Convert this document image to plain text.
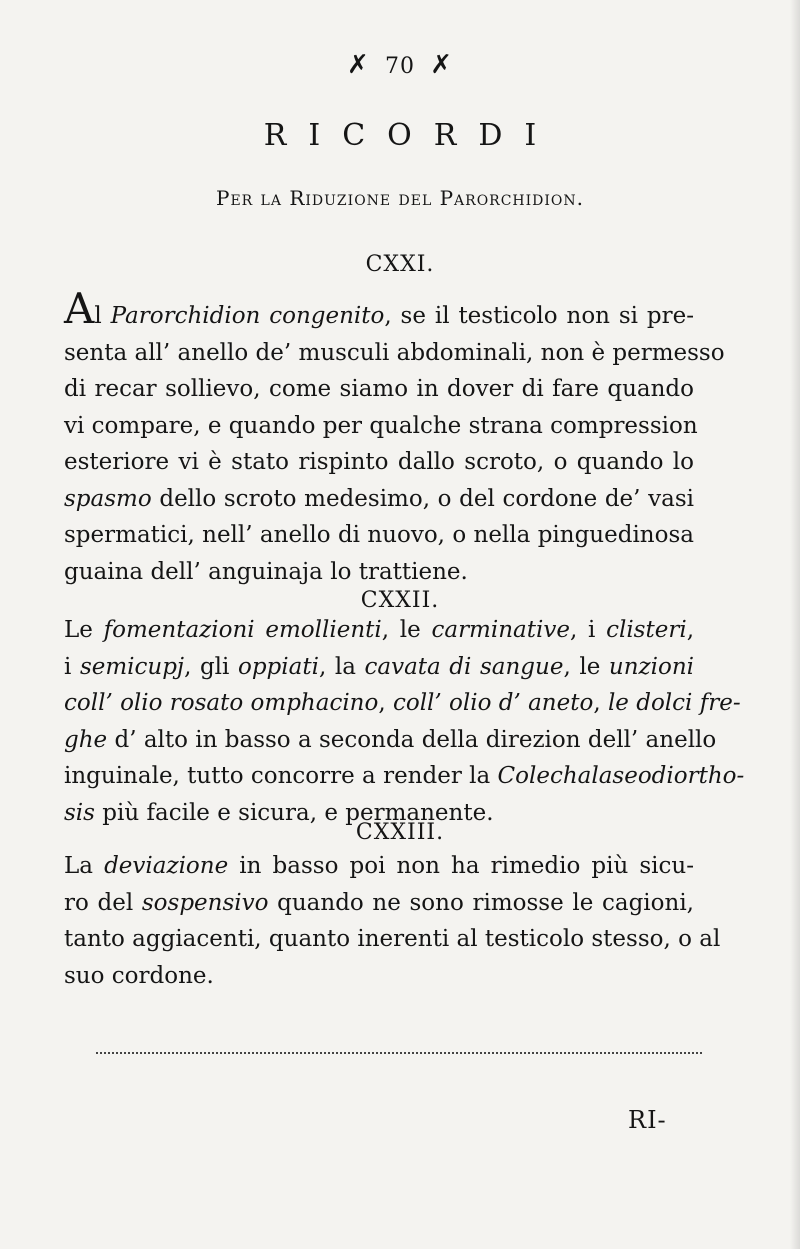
✗ 70 ✗
RICORDI
Per la Riduzione del Parorchidion.
CXXI.
Al Parorchidion congenito, se il testicolo non si pre-
senta all’ anello de’ musculi abdominali, non è permesso
di recar sollievo, come siamo in dover di fare quando
vi compare, e quando per qualche strana compression
esteriore vi è stato rispinto dallo scroto, o quando lo
spasmo dello scroto medesimo, o del cordone de’ vasi
spermatici, nell’ anello di nuovo, o nella pinguedinosa
guaina dell’ anguinaja lo trattiene.
CXXII.
Le fomentazioni emollienti, le carminative, i clisteri,
i semicupj, gli oppiati, la cavata di sangue, le unzioni
coll’ olio rosato omphacino, coll’ olio d’ aneto, le dolci fre-
ghe d’ alto in basso a seconda della direzion dell’ anello
inguinale, tutto concorre a render la Colechalaseodiortho-
sis più facile e sicura, e permanente.
CXXIII.
La deviazione in basso poi non ha rimedio più sicu-
ro del sospensivo quando ne sono rimosse le cagioni,
tanto aggiacenti, quanto inerenti al testicolo stesso, o al
suo cordone.
RI-
